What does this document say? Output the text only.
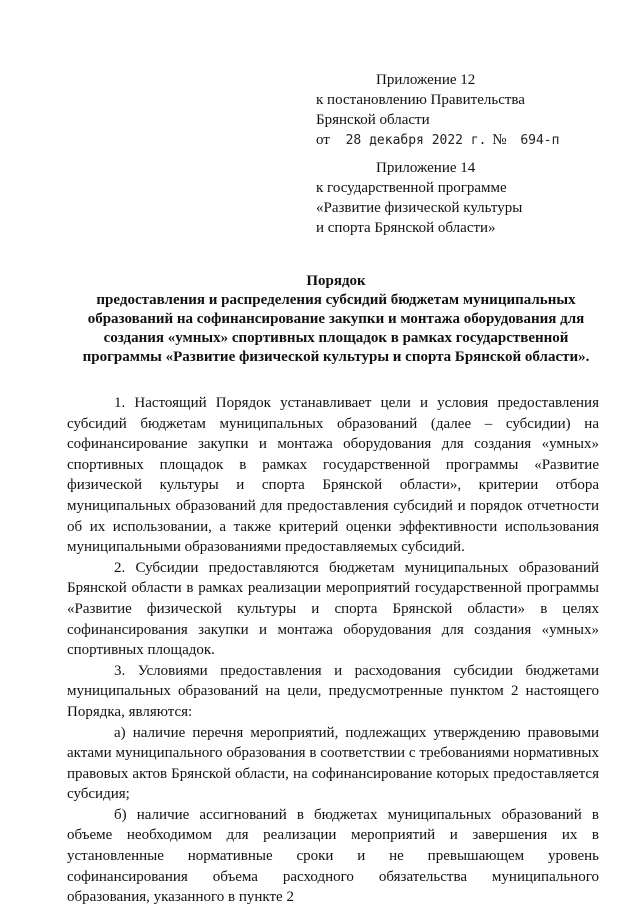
Приложение 12
к постановлению Правительства
Брянской области
от 28 декабря 2022 г. № 694-п
Приложение 14
к государственной программе
«Развитие физической культуры
и спорта Брянской области»
Порядок
предоставления и распределения субсидий бюджетам муниципальных
образований на софинансирование закупки и монтажа оборудования для
создания «умных» спортивных площадок в рамках государственной
программы «Развитие физической культуры и спорта Брянской области».

1. Настоящий Порядок устанавливает цели и условия предоставления субсидий бюджетам муниципальных образований (далее – субсидии) на софинансирование закупки и монтажа оборудования для создания «умных» спортивных площадок в рамках государственной программы «Развитие физической культуры и спорта Брянской области», критерии отбора муниципальных образований для предоставления субсидий и порядок отчетности об их использовании, а также критерий оценки эффективности использования муниципальными образованиями предоставляемых субсидий.

2. Субсидии предоставляются бюджетам муниципальных образований Брянской области в рамках реализации мероприятий государственной программы «Развитие физической культуры и спорта Брянской области» в целях софинансирования закупки и монтажа оборудования для создания «умных» спортивных площадок.

3. Условиями предоставления и расходования субсидии бюджетами муниципальных образований на цели, предусмотренные пунктом 2 настоящего Порядка, являются:

а) наличие перечня мероприятий, подлежащих утверждению правовыми актами муниципального образования в соответствии с требованиями нормативных правовых актов Брянской области, на софинансирование которых предоставляется субсидия;

б) наличие ассигнований в бюджетах муниципальных образований в объеме необходимом для реализации мероприятий и завершения их в установленные нормативные сроки и не превышающем уровень софинансирования объема расходного обязательства муниципального образования, указанного в пункте 2
